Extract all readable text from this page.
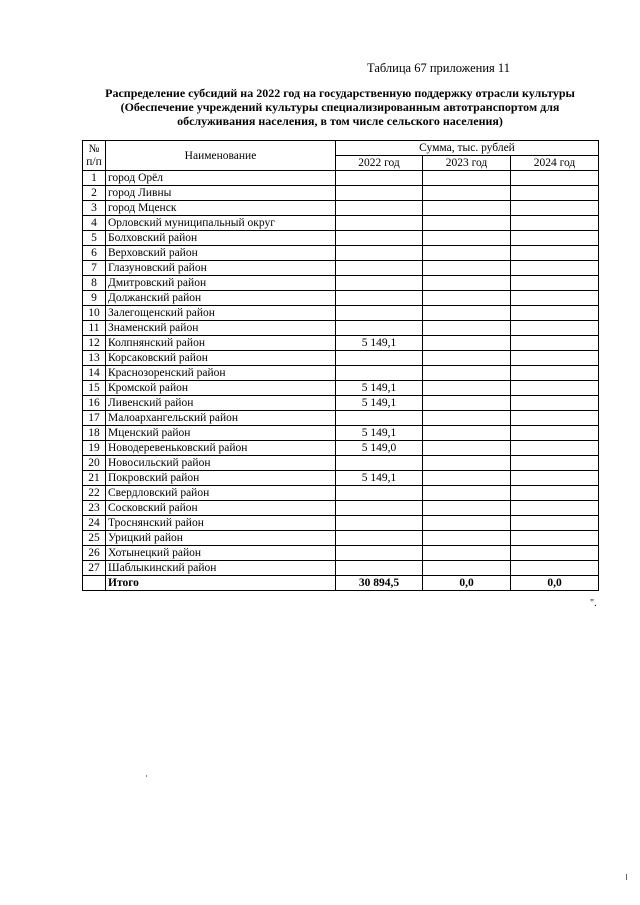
Таблица 67 приложения 11
Распределение субсидий на 2022 год на государственную поддержку отрасли культуры
(Обеспечение учреждений культуры специализированным автотранспортом для
обслуживания населения, в том числе сельского населения)
№ п/п	Наименование	Сумма, тыс. рублей		
		2022 год	2023 год	2024 год
1	город Орёл			
2	город Ливны			
3	город Мценск			
4	Орловский муниципальный округ			
5	Болховский район			
6	Верховский район			
7	Глазуновский район			
8	Дмитровский район			
9	Должанский район			
10	Залегощенский район			
11	Знаменский район			
12	Колпнянский район	5 149,1		
13	Корсаковский район			
14	Краснозоренский район			
15	Кромской район	5 149,1		
16	Ливенский район	5 149,1		
17	Малоархангельский район			
18	Мценский район	5 149,1		
19	Новодеревеньковский район	5 149,0		
20	Новосильский район			
21	Покровский район	5 149,1		
22	Свердловский район			
23	Сосковский район			
24	Троснянский район			
25	Урицкий район			
26	Хотынецкий район			
27	Шаблыкинский район			
	Итого	30 894,5	0,0	0,0
".
